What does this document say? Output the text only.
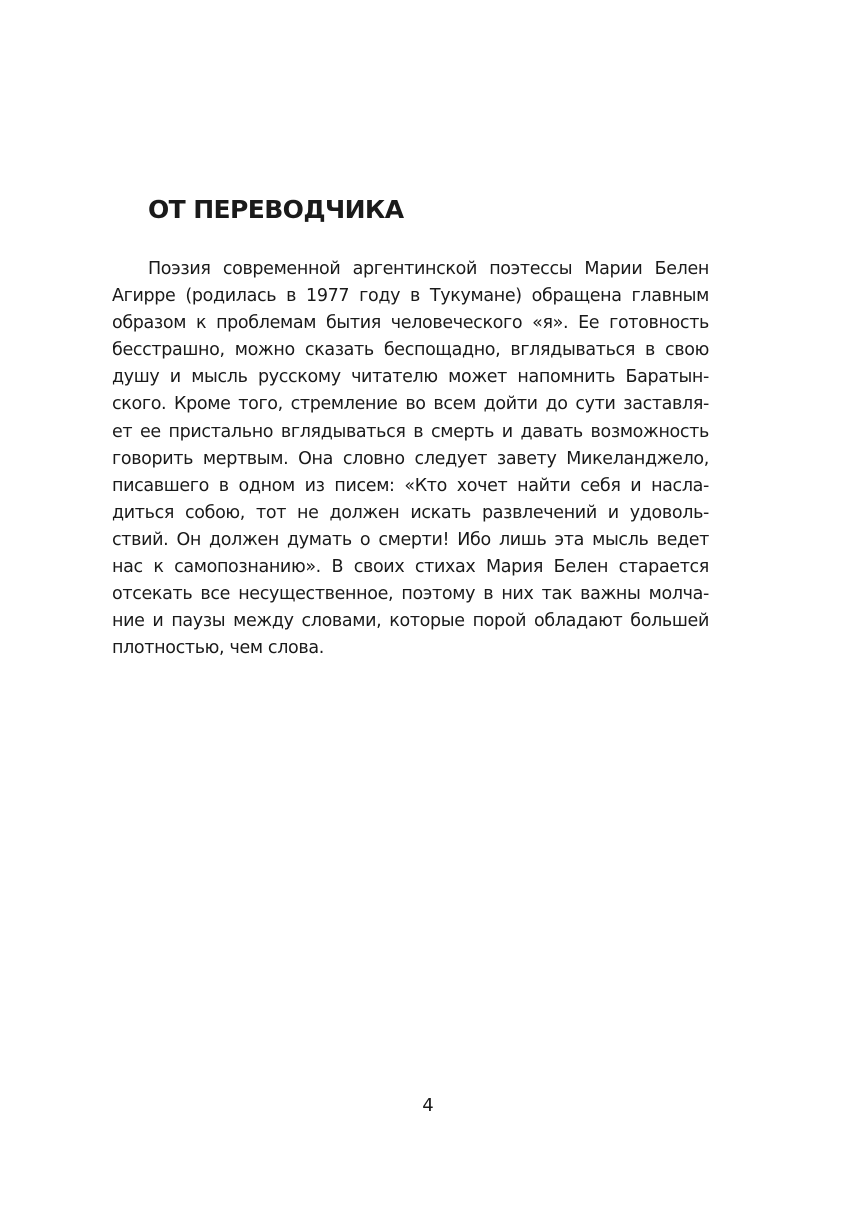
ОТ ПЕРЕВОДЧИКА
Поэзия современной аргентинской поэтессы Марии Белен
Агирре (родилась в 1977 году в Тукумане) обращена главным
образом к проблемам бытия человеческого «я». Ее готовность
бесстрашно, можно сказать беспощадно, вглядываться в свою
душу и мысль русскому читателю может напомнить Баратын-
ского. Кроме того, стремление во всем дойти до сути заставля-
ет ее пристально вглядываться в смерть и давать возможность
говорить мертвым. Она словно следует завету Микеланджело,
писавшего в одном из писем: «Кто хочет найти себя и насла-
диться собою, тот не должен искать развлечений и удоволь-
ствий. Он должен думать о смерти! Ибо лишь эта мысль ведет
нас к самопознанию». В своих стихах Мария Белен старается
отсекать все несущественное, поэтому в них так важны молча-
ние и паузы между словами, которые порой обладают большей
плотностью, чем слова.
4
